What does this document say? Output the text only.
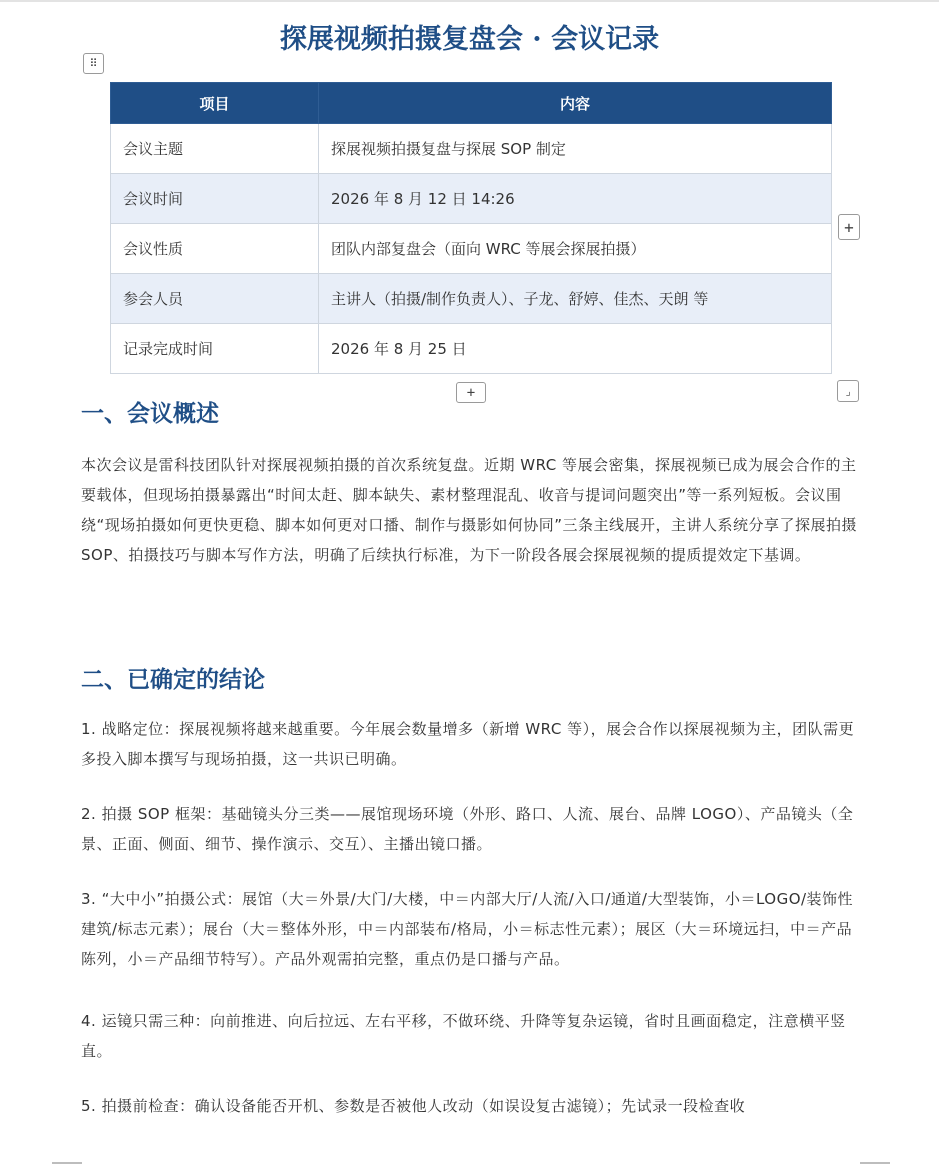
探展视频拍摄复盘会 · 会议记录
⠿
项目	内容
会议主题	探展视频拍摄复盘与探展 SOP 制定
会议时间	2026 年 8 月 12 日 14:26
会议性质	团队内部复盘会（面向 WRC 等展会探展拍摄）
参会人员	主讲人（拍摄/制作负责人）、子龙、舒婷、佳杰、天朗 等
记录完成时间	2026 年 8 月 25 日
+
+	⌟
一、会议概述

本次会议是雷科技团队针对探展视频拍摄的首次系统复盘。近期 WRC 等展会密集，探展视频已成为展会合作的主要载体，但现场拍摄暴露出“时间太赶、脚本缺失、素材整理混乱、收音与提词问题突出”等一系列短板。会议围绕“现场拍摄如何更快更稳、脚本如何更对口播、制作与摄影如何协同”三条主线展开，主讲人系统分享了探展拍摄 SOP、拍摄技巧与脚本写作方法，明确了后续执行标准，为下一阶段各展会探展视频的提质提效定下基调。

二、已确定的结论

1. 战略定位：探展视频将越来越重要。今年展会数量增多（新增 WRC 等），展会合作以探展视频为主，团队需更多投入脚本撰写与现场拍摄，这一共识已明确。

2. 拍摄 SOP 框架：基础镜头分三类——展馆现场环境（外形、路口、人流、展台、品牌 LOGO）、产品镜头（全景、正面、侧面、细节、操作演示、交互）、主播出镜口播。

3. “大中小”拍摄公式：展馆（大＝外景/大门/大楼，中＝内部大厅/人流/入口/通道/大型装饰，小＝LOGO/装饰性建筑/标志元素）；展台（大＝整体外形，中＝内部装布/格局，小＝标志性元素）；展区（大＝环境远扫，中＝产品陈列，小＝产品细节特写）。产品外观需拍完整，重点仍是口播与产品。

4. 运镜只需三种：向前推进、向后拉远、左右平移，不做环绕、升降等复杂运镜，省时且画面稳定，注意横平竖直。

5. 拍摄前检查：确认设备能否开机、参数是否被他人改动（如误设复古滤镜）；先试录一段检查收
